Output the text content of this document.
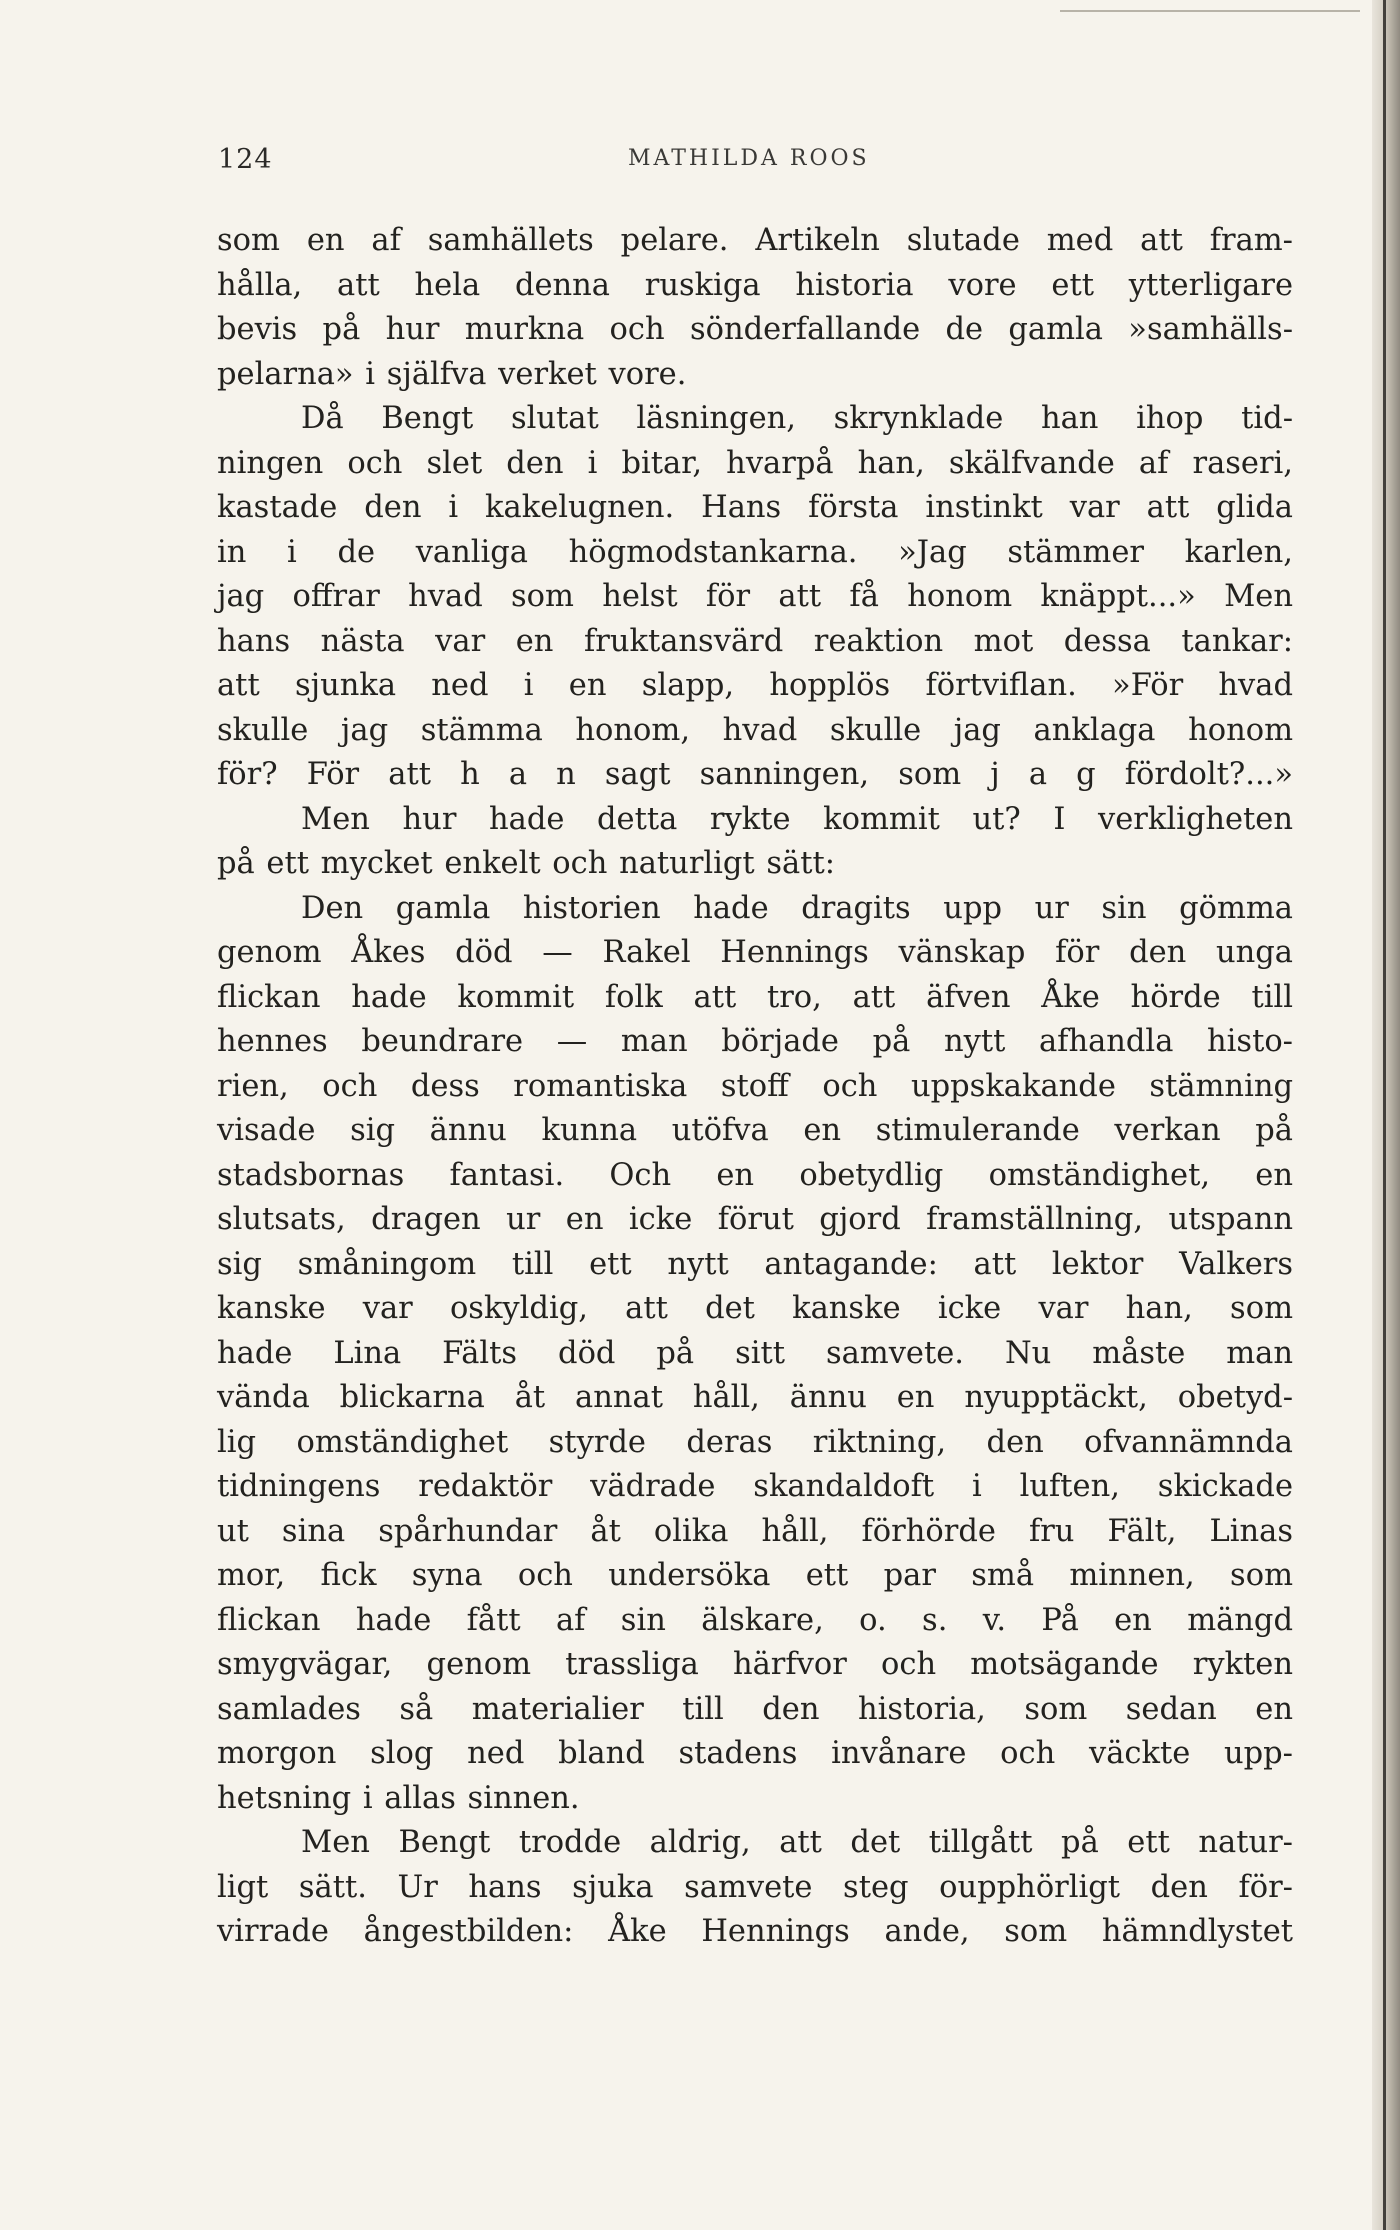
124	MATHILDA ROOS
som en af samhällets pelare. Artikeln slutade med att fram-
hålla, att hela denna ruskiga historia vore ett ytterligare
bevis på hur murkna och sönderfallande de gamla »samhälls-
pelarna» i själfva verket vore.
Då Bengt slutat läsningen, skrynklade han ihop tid-
ningen och slet den i bitar, hvarpå han, skälfvande af raseri,
kastade den i kakelugnen. Hans första instinkt var att glida
in i de vanliga högmodstankarna. »Jag stämmer karlen,
jag offrar hvad som helst för att få honom knäppt...» Men
hans nästa var en fruktansvärd reaktion mot dessa tankar:
att sjunka ned i en slapp, hopplös förtviflan. »För hvad
skulle jag stämma honom, hvad skulle jag anklaga honom
för? För att h a n sagt sanningen, som j a g fördolt?...»
Men hur hade detta rykte kommit ut? I verkligheten
på ett mycket enkelt och naturligt sätt:
Den gamla historien hade dragits upp ur sin gömma
genom Åkes död — Rakel Hennings vänskap för den unga
flickan hade kommit folk att tro, att äfven Åke hörde till
hennes beundrare — man började på nytt afhandla histo-
rien, och dess romantiska stoff och uppskakande stämning
visade sig ännu kunna utöfva en stimulerande verkan på
stadsbornas fantasi. Och en obetydlig omständighet, en
slutsats, dragen ur en icke förut gjord framställning, utspann
sig småningom till ett nytt antagande: att lektor Valkers
kanske var oskyldig, att det kanske icke var han, som
hade Lina Fälts död på sitt samvete. Nu måste man
vända blickarna åt annat håll, ännu en nyupptäckt, obetyd-
lig omständighet styrde deras riktning, den ofvannämnda
tidningens redaktör vädrade skandaldoft i luften, skickade
ut sina spårhundar åt olika håll, förhörde fru Fält, Linas
mor, fick syna och undersöka ett par små minnen, som
flickan hade fått af sin älskare, o. s. v. På en mängd
smygvägar, genom trassliga härfvor och motsägande rykten
samlades så materialier till den historia, som sedan en
morgon slog ned bland stadens invånare och väckte upp-
hetsning i allas sinnen.
Men Bengt trodde aldrig, att det tillgått på ett natur-
ligt sätt. Ur hans sjuka samvete steg oupphörligt den för-
virrade ångestbilden: Åke Hennings ande, som hämndlystet
